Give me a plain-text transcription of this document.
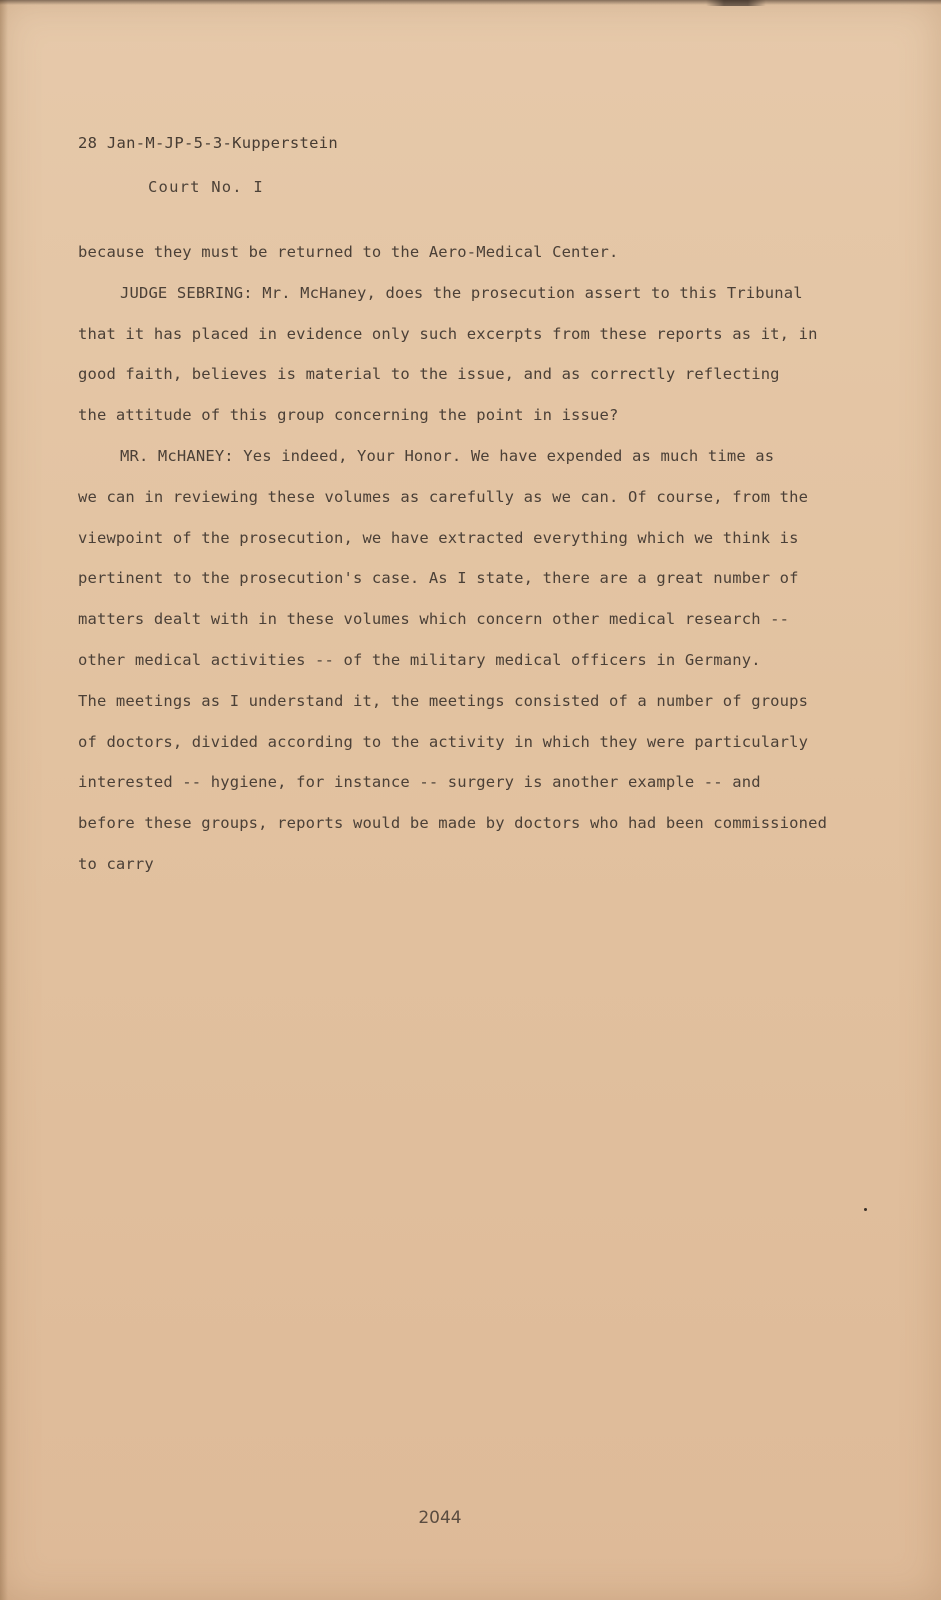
28 Jan-M-JP-5-3-Kupperstein
Court No. I
because they must be returned to the Aero-Medical Center.
JUDGE SEBRING: Mr. McHaney, does the prosecution assert to this Tribunal
that it has placed in evidence only such excerpts from these reports as it, in
good faith, believes is material to the issue, and as correctly reflecting
the attitude of this group concerning the point in issue?
MR. McHANEY: Yes indeed, Your Honor. We have expended as much time as
we can in reviewing these volumes as carefully as we can. Of course, from the
viewpoint of the prosecution, we have extracted everything which we think is
pertinent to the prosecution's case. As I state, there are a great number of
matters dealt with in these volumes which concern other medical research --
other medical activities -- of the military medical officers in Germany.
The meetings as I understand it, the meetings consisted of a number of groups
of doctors, divided according to the activity in which they were particularly
interested -- hygiene, for instance -- surgery is another example -- and
before these groups, reports would be made by doctors who had been commissioned
to carry
2044
